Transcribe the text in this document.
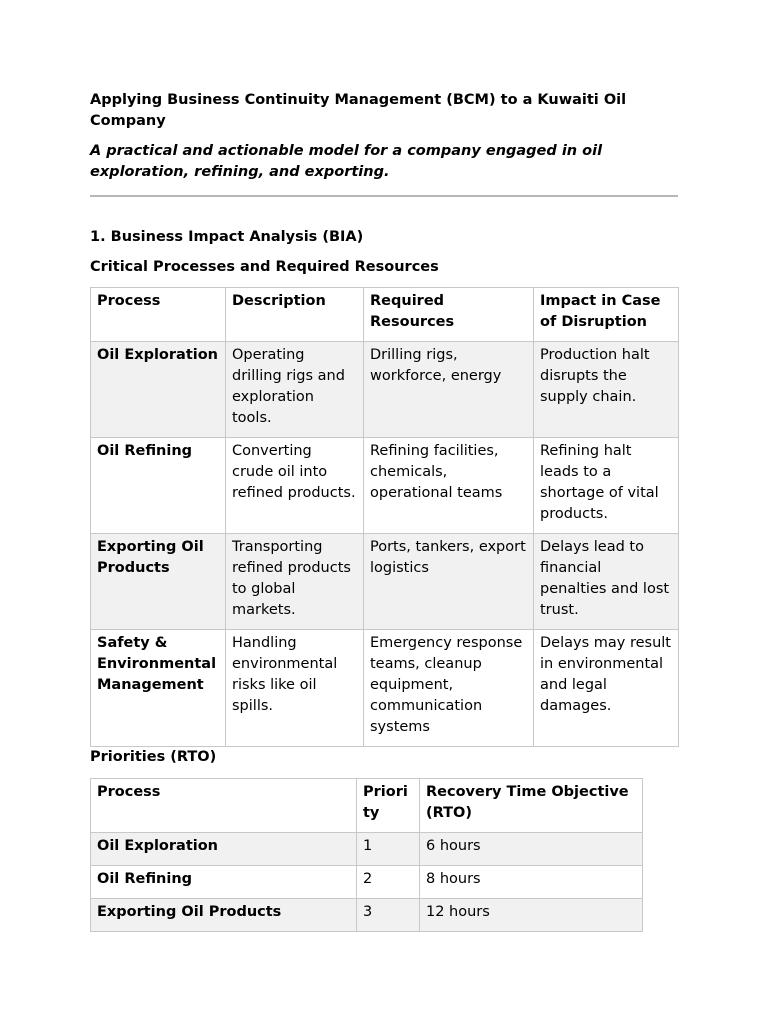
Applying Business Continuity Management (BCM) to a Kuwaiti Oil Company
A practical and actionable model for a company engaged in oil exploration, refining, and exporting.
1. Business Impact Analysis (BIA)
Critical Processes and Required Resources
Process	Description	Required Resources	Impact in Case of Disruption
Oil Exploration	Operating drilling rigs and exploration tools.	Drilling rigs, workforce, energy	Production halt disrupts the supply chain.
Oil Refining	Converting crude oil into refined products.	Refining facilities, chemicals, operational teams	Refining halt leads to a shortage of vital products.
Exporting Oil Products	Transporting refined products to global markets.	Ports, tankers, export logistics	Delays lead to financial penalties and lost trust.
Safety & Environmental Management	Handling environmental risks like oil spills.	Emergency response teams, cleanup equipment, communication systems	Delays may result in environmental and legal damages.
Priorities (RTO)
Process	Priority	Recovery Time Objective (RTO)
Oil Exploration	1	6 hours
Oil Refining	2	8 hours
Exporting Oil Products	3	12 hours
